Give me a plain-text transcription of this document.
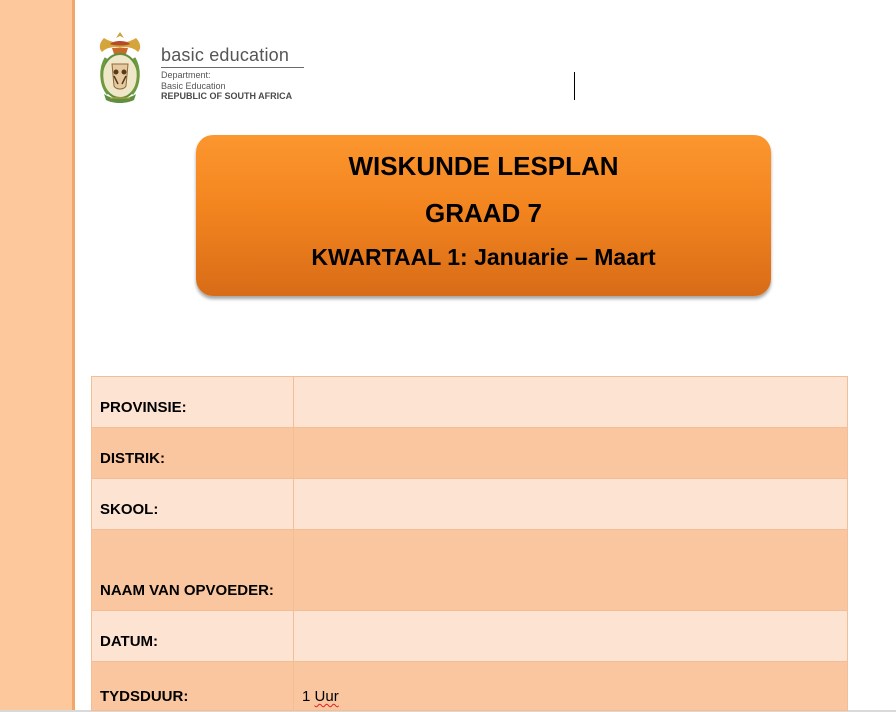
basic education
Department:
Basic Education
REPUBLIC OF SOUTH AFRICA
WISKUNDE LESPLAN
GRAAD 7
KWARTAAL 1: Januarie – Maart
PROVINSIE:	
DISTRIK:	
SKOOL:	
NAAM VAN OPVOEDER:	
DATUM:	
TYDSDUUR:	1 Uur
